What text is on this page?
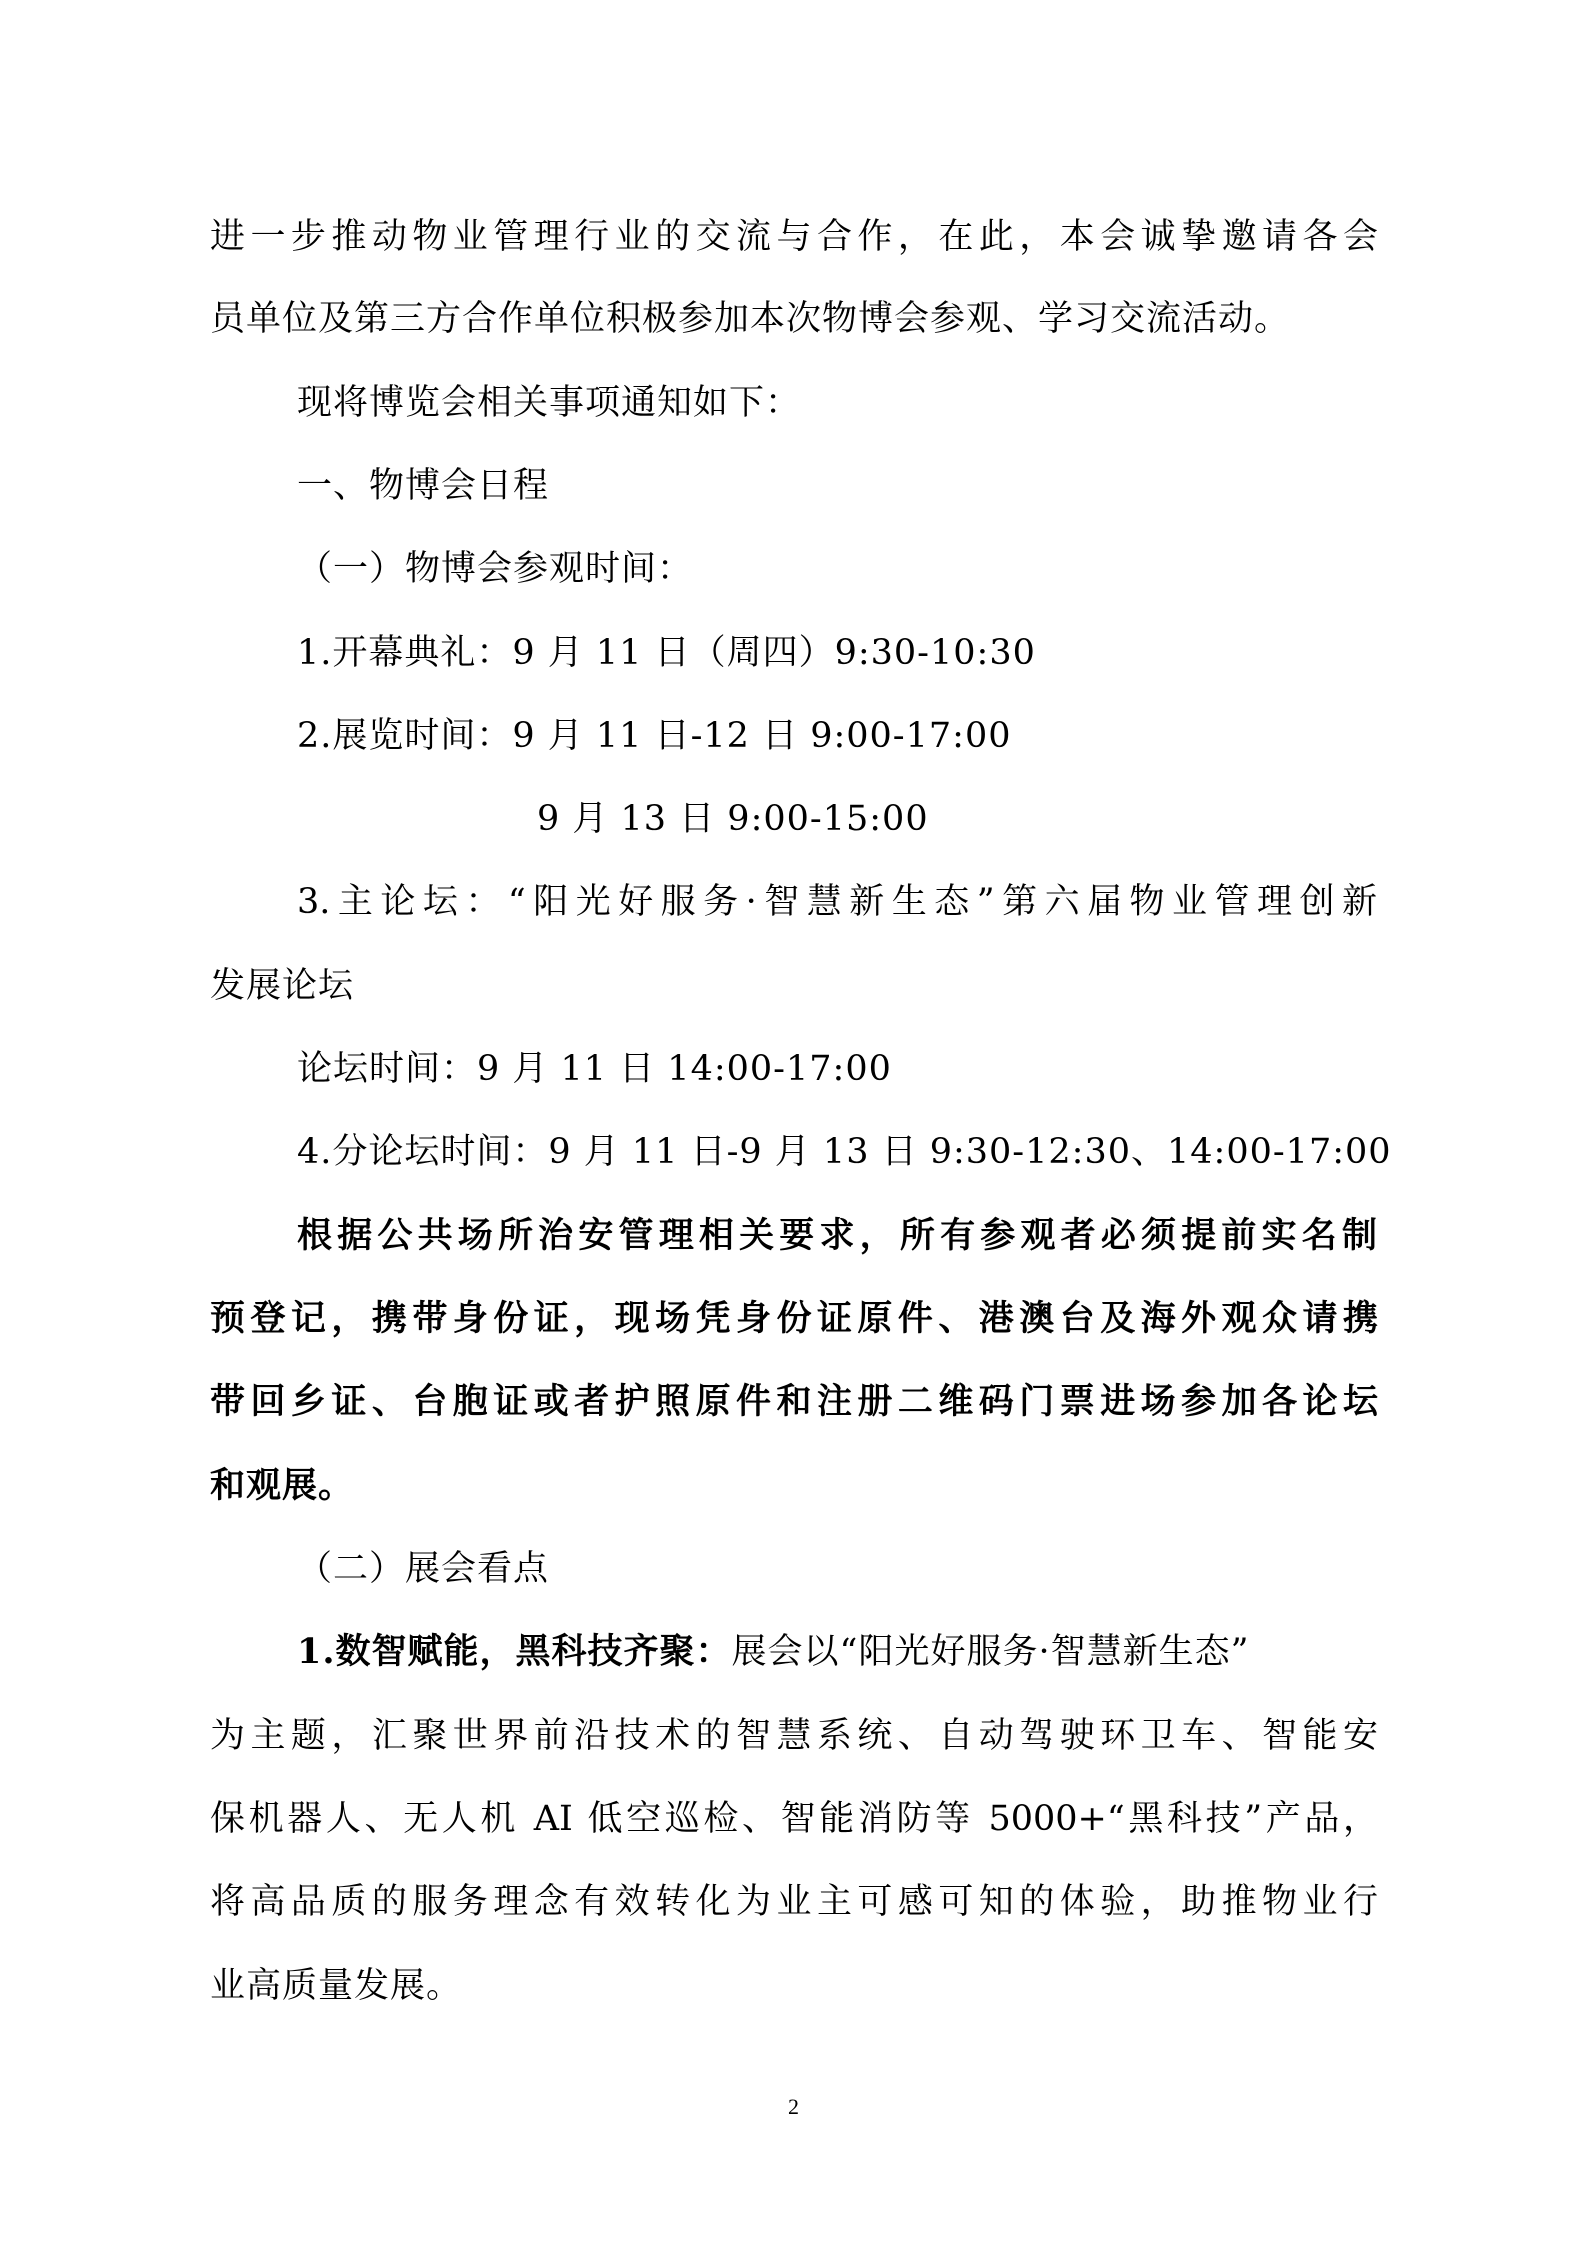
进一步推动物业管理行业的交流与合作，在此，本会诚挚邀请各会
员单位及第三方合作单位积极参加本次物博会参观、学习交流活动。
现将博览会相关事项通知如下：
一、物博会日程
（一）物博会参观时间：
1.开幕典礼：9 月 11 日（周四）9:30-10:30
2.展览时间：9 月 11 日-12 日 9:00-17:00
9 月 13 日 9:00-15:00
3.主论坛：“阳光好服务·智慧新生态”第六届物业管理创新
发展论坛
论坛时间：9 月 11 日 14:00-17:00
4.分论坛时间：9 月 11 日-9 月 13 日 9:30-12:30、14:00-17:00
根据公共场所治安管理相关要求，所有参观者必须提前实名制
预登记，携带身份证，现场凭身份证原件、港澳台及海外观众请携
带回乡证、台胞证或者护照原件和注册二维码门票进场参加各论坛
和观展。
（二）展会看点
1.数智赋能，黑科技齐聚：展会以“阳光好服务·智慧新生态”
为主题，汇聚世界前沿技术的智慧系统、自动驾驶环卫车、智能安
保机器人、无人机 AI 低空巡检、智能消防等 5000+“黑科技”产品，
将高品质的服务理念有效转化为业主可感可知的体验，助推物业行
业高质量发展。
2
